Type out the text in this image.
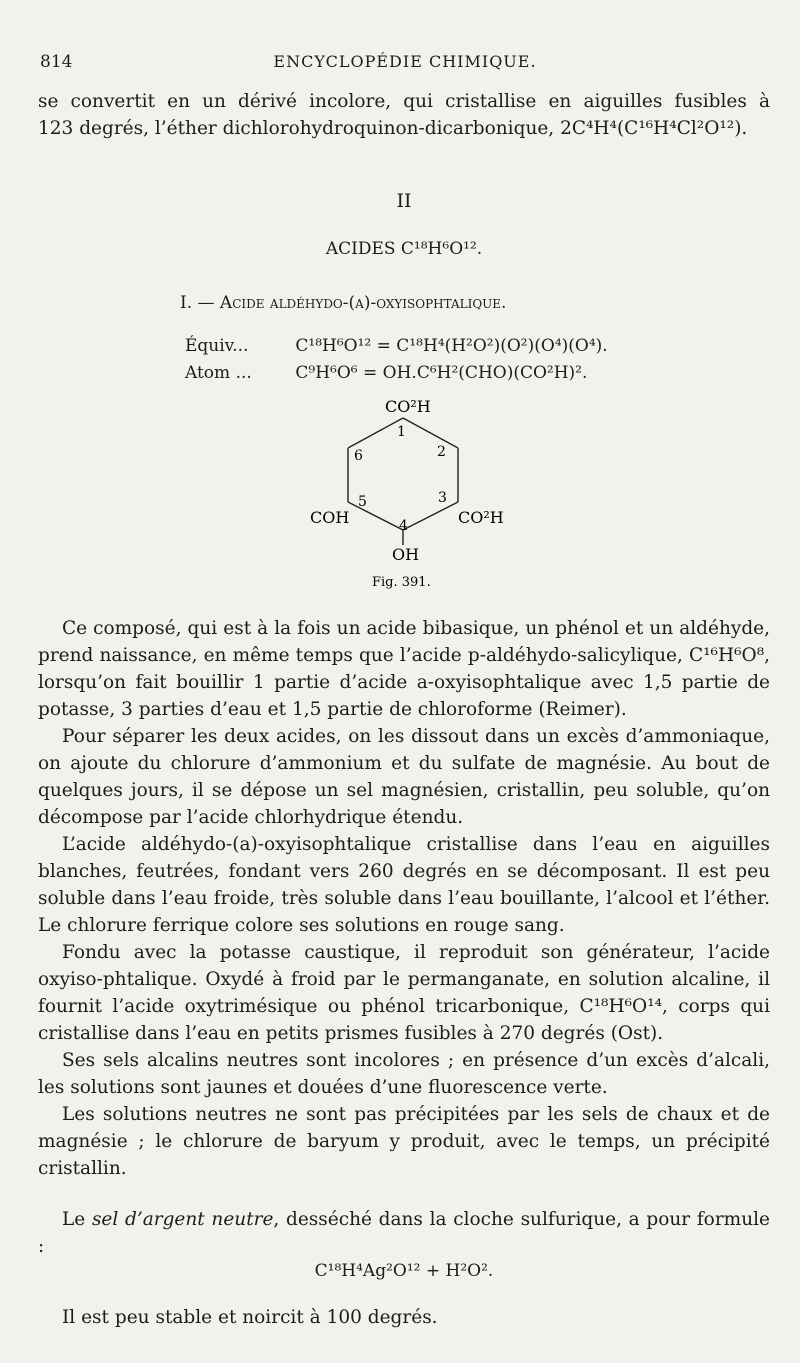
814	ENCYCLOPÉDIE CHIMIQUE.
se convertit en un dérivé incolore, qui cristallise en aiguilles fusibles à
123 degrés, l’éther dichlorohydroquinon-dicarbonique, 2C⁴H⁴(C¹⁶H⁴Cl²O¹²).
II
ACIDES C¹⁸H⁶O¹².
I. — Acide aldéhydo-(a)-oxyisophtalique.
Équiv...	C¹⁸H⁶O¹² = C¹⁸H⁴(H²O²)(O²)(O⁴)(O⁴).
Atom ...	C⁹H⁶O⁶ = OH.C⁶H²(CHO)(CO²H)².
CO²H
COH	CO²H
OH
1
2
3
4
5
6
Fig. 391.

Ce composé, qui est à la fois un acide bibasique, un phénol et un aldéhyde, prend naissance, en même temps que l’acide p-aldéhydo-salicylique, C¹⁶H⁶O⁸, lorsqu’on fait bouillir 1 partie d’acide a-oxyisophtalique avec 1,5 partie de potasse, 3 parties d’eau et 1,5 partie de chloroforme (Reimer).

Pour séparer les deux acides, on les dissout dans un excès d’ammoniaque, on ajoute du chlorure d’ammonium et du sulfate de magnésie. Au bout de quelques jours, il se dépose un sel magnésien, cristallin, peu soluble, qu’on décompose par l’acide chlorhydrique étendu.

L’acide aldéhydo-(a)-oxyisophtalique cristallise dans l’eau en aiguilles blanches, feutrées, fondant vers 260 degrés en se décomposant. Il est peu soluble dans l’eau froide, très soluble dans l’eau bouillante, l’alcool et l’éther. Le chlorure ferrique colore ses solutions en rouge sang.

Fondu avec la potasse caustique, il reproduit son générateur, l’acide oxyiso-phtalique. Oxydé à froid par le permanganate, en solution alcaline, il fournit l’acide oxytrimésique ou phénol tricarbonique, C¹⁸H⁶O¹⁴, corps qui cristallise dans l’eau en petits prismes fusibles à 270 degrés (Ost).

Ses sels alcalins neutres sont incolores ; en présence d’un excès d’alcali, les solutions sont jaunes et douées d’une fluorescence verte.

Les solutions neutres ne sont pas précipitées par les sels de chaux et de magnésie ; le chlorure de baryum y produit, avec le temps, un précipité cristallin.

Le sel d’argent neutre, desséché dans la cloche sulfurique, a pour formule :

C¹⁸H⁴Ag²O¹² + H²O².

Il est peu stable et noircit à 100 degrés.
